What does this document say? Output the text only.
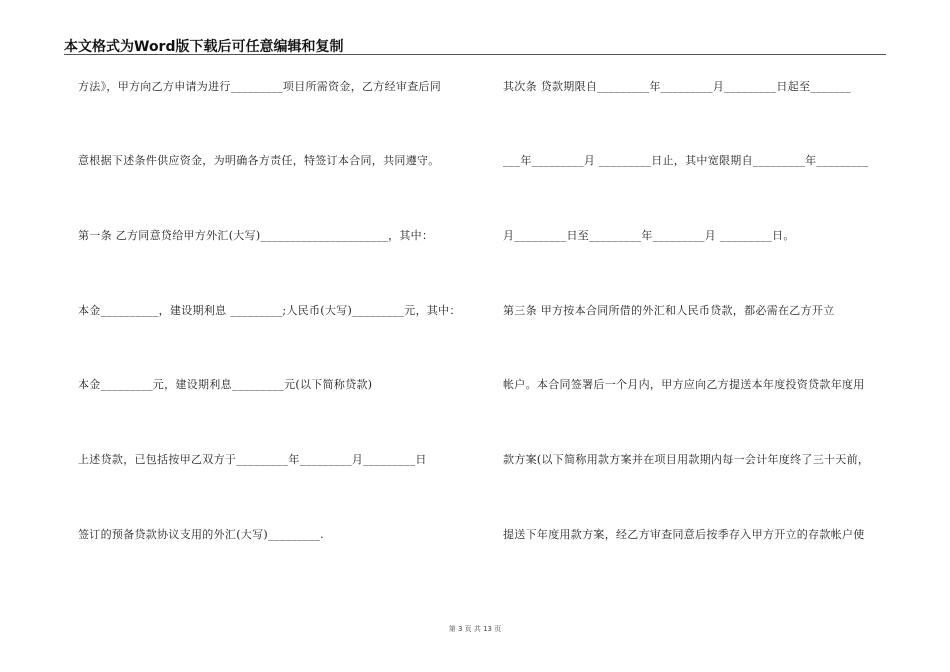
本文格式为Word版下载后可任意编辑和复制
方法》，甲方向乙方申请为进行_________项目所需资金，乙方经审查后同
意根据下述条件供应资金，为明确各方责任，特签订本合同，共同遵守。
第一条 乙方同意贷给甲方外汇(大写)______________________，其中：
本金__________，建设期利息 _________;人民币(大写)_________元，其中：
本金_________元，建设期利息_________元(以下简称贷款)
上述贷款，已包括按甲乙双方于_________年_________月_________日
签订的预备贷款协议支用的外汇(大写)_________.
其次条 贷款期限自_________年_________月_________日起至_______
___年_________月 _________日止，其中宽限期自_________年_________
月_________日至_________年_________月 _________日。
第三条 甲方按本合同所借的外汇和人民币贷款，都必需在乙方开立
帐户。本合同签署后一个月内，甲方应向乙方提送本年度投资贷款年度用
款方案(以下简称用款方案并在项目用款期内每一会计年度终了三十天前，
提送下年度用款方案，经乙方审查同意后按季存入甲方开立的存款帐户使
第 3 页 共 13 页
